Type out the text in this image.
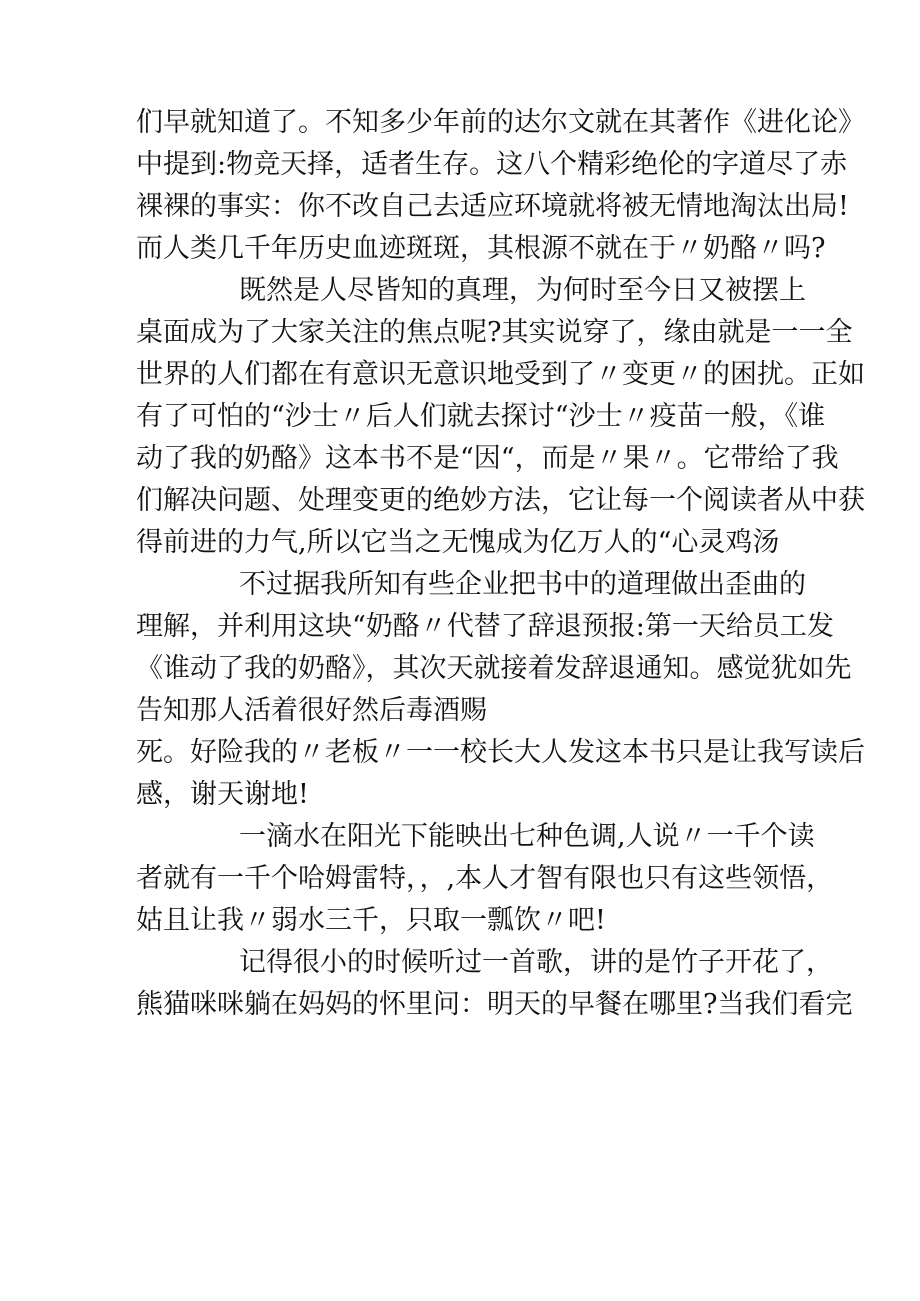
们早就知道了。不知多少年前的达尔文就在其著作《进化论》
中提到:物竞天择，适者生存。这八个精彩绝伦的字道尽了赤
裸裸的事实：你不改自己去适应环境就将被无情地淘汰出局!
而人类几千年历史血迹斑斑，其根源不就在于〃奶酪〃吗?
既然是人尽皆知的真理，为何时至今日又被摆上
桌面成为了大家关注的焦点呢?其实说穿了，缘由就是一一全
世界的人们都在有意识无意识地受到了〃变更〃的困扰。正如
有了可怕的“沙士〃后人们就去探讨“沙士〃疫苗一般，《谁
动了我的奶酪》这本书不是“因“，而是〃果〃。它带给了我
们解决问题、处理变更的绝妙方法，它让每一个阅读者从中获
得前进的力气,所以它当之无愧成为亿万人的“心灵鸡汤
不过据我所知有些企业把书中的道理做出歪曲的
理解，并利用这块“奶酪〃代替了辞退预报:第一天给员工发
《谁动了我的奶酪》，其次天就接着发辞退通知。感觉犹如先
告知那人活着很好然后毒酒赐
死。好险我的〃老板〃一一校长大人发这本书只是让我写读后
感，谢天谢地!
一滴水在阳光下能映出七种色调,人说〃一千个读
者就有一千个哈姆雷特，，,本人才智有限也只有这些领悟，
姑且让我〃弱水三千，只取一瓢饮〃吧!
记得很小的时候听过一首歌，讲的是竹子开花了，
熊猫咪咪躺在妈妈的怀里问：明天的早餐在哪里?当我们看完
